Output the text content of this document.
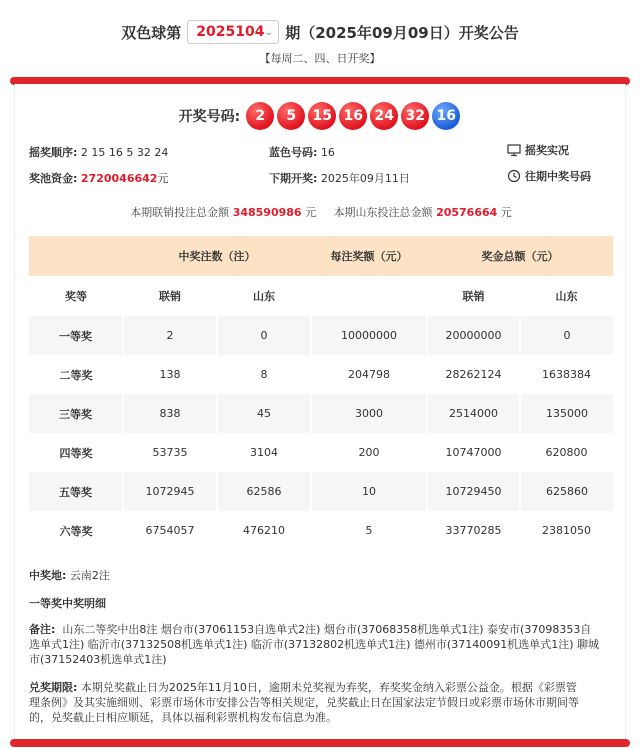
双色球第 2025104 ⌄ 期（2025年09月09日）开奖公告
【每周二、四、日开奖】
开奖号码:	2	5	15 16 24 32 16
摇奖顺序: 2 15 16 5 32 24	蓝色号码: 16	摇奖实况
奖池资金: 2720046642元	下期开奖: 2025年09月11日	往期中奖号码
本期联销投注总金额 348590986 元 本期山东投注总金额 20576664 元
	中奖注数（注）		每注奖额（元）	奖金总额（元）	
奖等	联销	山东		联销	山东
一等奖	2	0	10000000	20000000	0
二等奖	138	8	204798	28262124	1638384
三等奖	838	45	3000	2514000	135000
四等奖	53735	3104	200	10747000	620800
五等奖	1072945	62586	10	10729450	625860
六等奖	6754057	476210	5	33770285	2381050
中奖地: 云南2注
一等奖中奖明细
备注: 山东二等奖中出8注 烟台市(37061153自选单式2注) 烟台市(37068358机选单式1注) 泰安市(37098353自
选单式1注) 临沂市(37132508机选单式1注) 临沂市(37132802机选单式1注) 德州市(37140091机选单式1注) 聊城
市(37152403机选单式1注)
兑奖期限: 本期兑奖截止日为2025年11月10日，逾期未兑奖视为弃奖，弃奖奖金纳入彩票公益金。根据《彩票管
理条例》及其实施细则、彩票市场休市安排公告等相关规定，兑奖截止日在国家法定节假日或彩票市场休市期间等
的，兑奖截止日相应顺延，具体以福利彩票机构发布信息为准。
